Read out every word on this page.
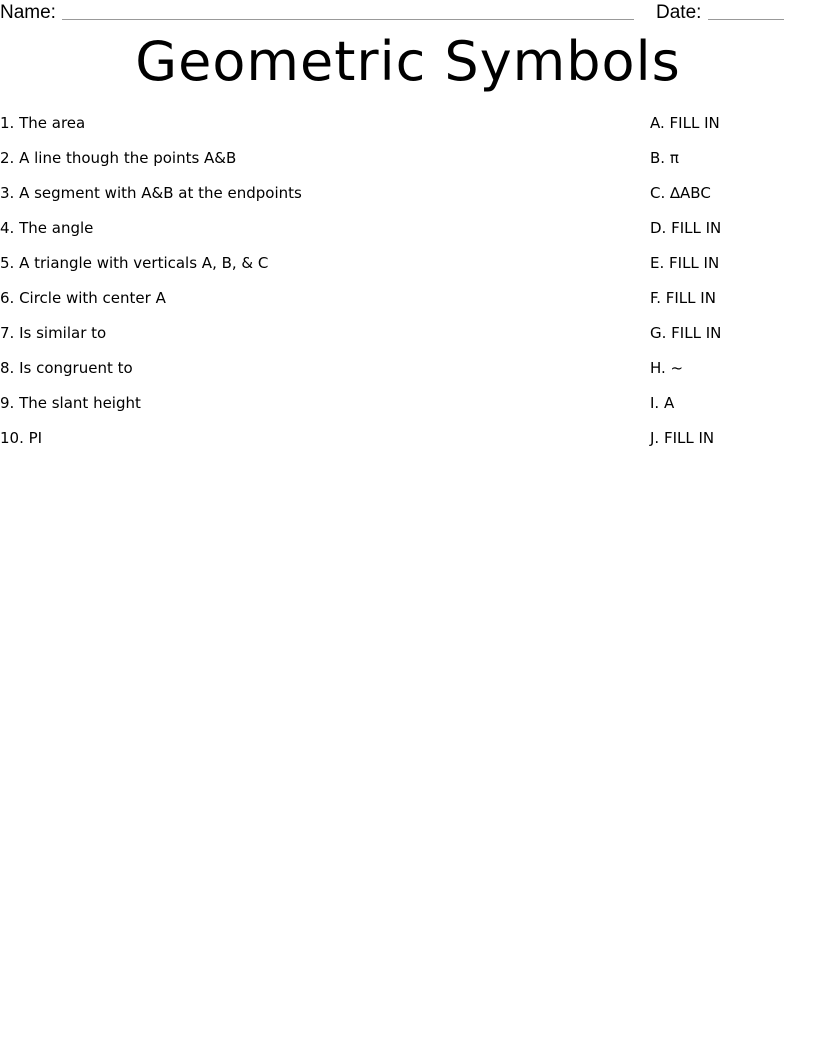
Name:	Date:
Geometric Symbols
1. The area	A. FILL IN
2. A line though the points A&B	B. π
3. A segment with A&B at the endpoints	C. ∆ABC
4. The angle	D. FILL IN
5. A triangle with verticals A, B, & C	E. FILL IN
6. Circle with center A	F. FILL IN
7. Is similar to	G. FILL IN
8. Is congruent to	H. ~
9. The slant height	I. A
10. PI	J. FILL IN
